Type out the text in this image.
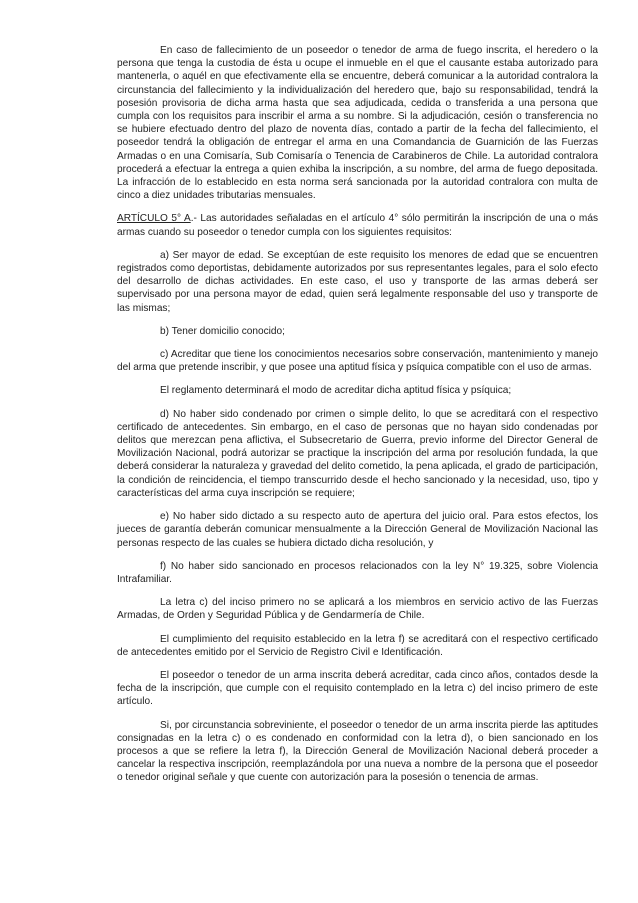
En caso de fallecimiento de un poseedor o tenedor de arma de fuego inscrita, el heredero o la persona que tenga la custodia de ésta u ocupe el inmueble en el que el causante estaba autorizado para mantenerla, o aquél en que efectivamente ella se encuentre, deberá comunicar a la autoridad contralora la circunstancia del fallecimiento y la individualización del heredero que, bajo su responsabilidad, tendrá la posesión provisoria de dicha arma hasta que sea adjudicada, cedida o transferida a una persona que cumpla con los requisitos para inscribir el arma a su nombre. Si la adjudicación, cesión o transferencia no se hubiere efectuado dentro del plazo de noventa días, contado a partir de la fecha del fallecimiento, el poseedor tendrá la obligación de entregar el arma en una Comandancia de Guarnición de las Fuerzas Armadas o en una Comisaría, Sub Comisaría o Tenencia de Carabineros de Chile. La autoridad contralora procederá a efectuar la entrega a quien exhiba la inscripción, a su nombre, del arma de fuego depositada. La infracción de lo establecido en esta norma será sancionada por la autoridad contralora con multa de cinco a diez unidades tributarias mensuales.

ARTÍCULO 5° A.- Las autoridades señaladas en el artículo 4° sólo permitirán la inscripción de una o más armas cuando su poseedor o tenedor cumpla con los siguientes requisitos:

a) Ser mayor de edad. Se exceptúan de este requisito los menores de edad que se encuentren registrados como deportistas, debidamente autorizados por sus representantes legales, para el solo efecto del desarrollo de dichas actividades. En este caso, el uso y transporte de las armas deberá ser supervisado por una persona mayor de edad, quien será legalmente responsable del uso y transporte de las mismas;

b) Tener domicilio conocido;

c) Acreditar que tiene los conocimientos necesarios sobre conservación, mantenimiento y manejo del arma que pretende inscribir, y que posee una aptitud física y psíquica compatible con el uso de armas.

El reglamento determinará el modo de acreditar dicha aptitud física y psíquica;

d) No haber sido condenado por crimen o simple delito, lo que se acreditará con el respectivo certificado de antecedentes. Sin embargo, en el caso de personas que no hayan sido condenadas por delitos que merezcan pena aflictiva, el Subsecretario de Guerra, previo informe del Director General de Movilización Nacional, podrá autorizar se practique la inscripción del arma por resolución fundada, la que deberá considerar la naturaleza y gravedad del delito cometido, la pena aplicada, el grado de participación, la condición de reincidencia, el tiempo transcurrido desde el hecho sancionado y la necesidad, uso, tipo y características del arma cuya inscripción se requiere;

e) No haber sido dictado a su respecto auto de apertura del juicio oral. Para estos efectos, los jueces de garantía deberán comunicar mensualmente a la Dirección General de Movilización Nacional las personas respecto de las cuales se hubiera dictado dicha resolución, y

f) No haber sido sancionado en procesos relacionados con la ley N° 19.325, sobre Violencia Intrafamiliar.

La letra c) del inciso primero no se aplicará a los miembros en servicio activo de las Fuerzas Armadas, de Orden y Seguridad Pública y de Gendarmería de Chile.

El cumplimiento del requisito establecido en la letra f) se acreditará con el respectivo certificado de antecedentes emitido por el Servicio de Registro Civil e Identificación.

El poseedor o tenedor de un arma inscrita deberá acreditar, cada cinco años, contados desde la fecha de la inscripción, que cumple con el requisito contemplado en la letra c) del inciso primero de este artículo.

Si, por circunstancia sobreviniente, el poseedor o tenedor de un arma inscrita pierde las aptitudes consignadas en la letra c) o es condenado en conformidad con la letra d), o bien sancionado en los procesos a que se refiere la letra f), la Dirección General de Movilización Nacional deberá proceder a cancelar la respectiva inscripción, reemplazándola por una nueva a nombre de la persona que el poseedor o tenedor original señale y que cuente con autorización para la posesión o tenencia de armas.
